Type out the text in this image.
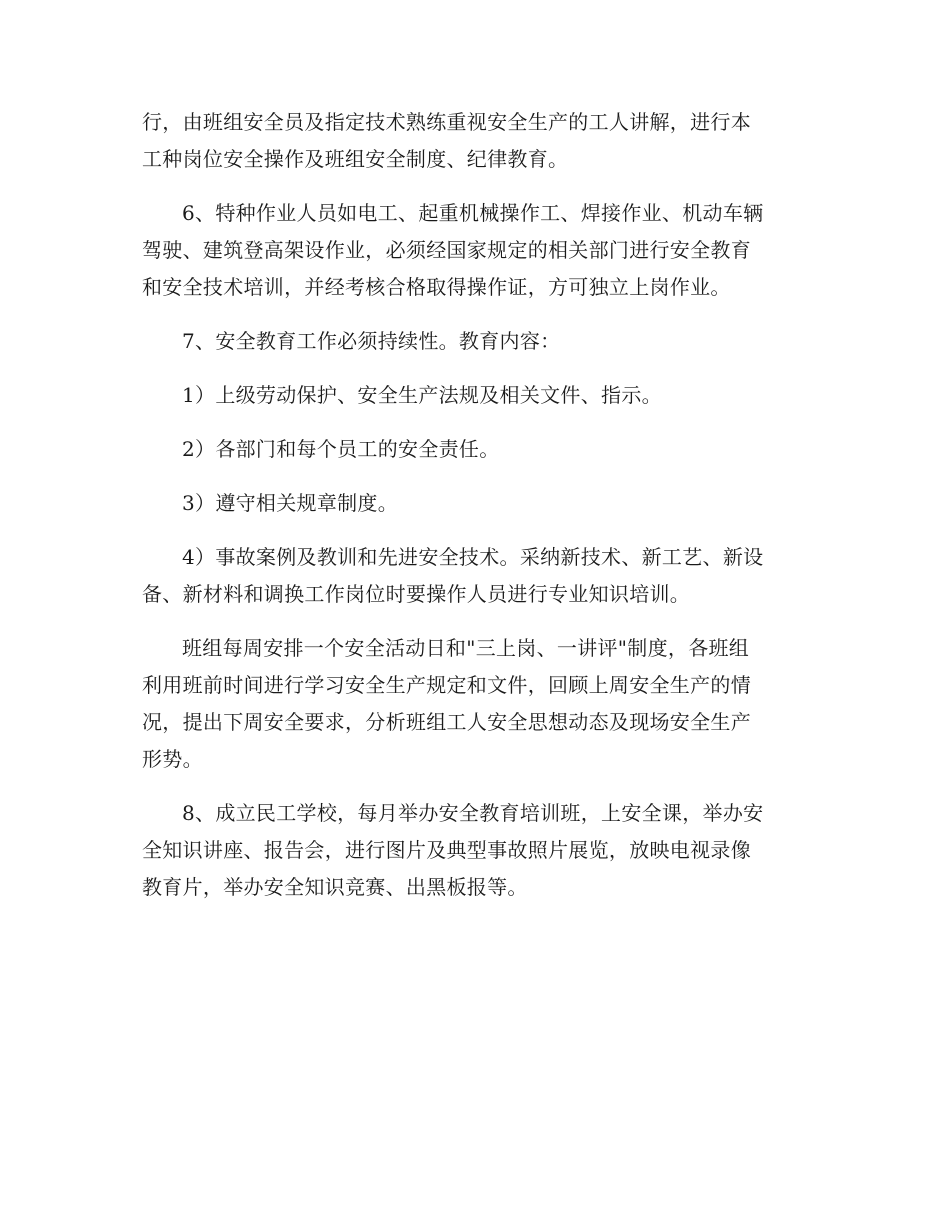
行，由班组安全员及指定技术熟练重视安全生产的工人讲解，进行本
工种岗位安全操作及班组安全制度、纪律教育。
6、特种作业人员如电工、起重机械操作工、焊接作业、机动车辆
驾驶、建筑登高架设作业，必须经国家规定的相关部门进行安全教育
和安全技术培训，并经考核合格取得操作证，方可独立上岗作业。
7、安全教育工作必须持续性。教育内容：
1）上级劳动保护、安全生产法规及相关文件、指示。
2）各部门和每个员工的安全责任。
3）遵守相关规章制度。
4）事故案例及教训和先进安全技术。采纳新技术、新工艺、新设
备、新材料和调换工作岗位时要操作人员进行专业知识培训。
班组每周安排一个安全活动日和"三上岗、一讲评"制度，各班组
利用班前时间进行学习安全生产规定和文件，回顾上周安全生产的情
况，提出下周安全要求，分析班组工人安全思想动态及现场安全生产
形势。
8、成立民工学校，每月举办安全教育培训班，上安全课，举办安
全知识讲座、报告会，进行图片及典型事故照片展览，放映电视录像
教育片，举办安全知识竞赛、出黑板报等。
